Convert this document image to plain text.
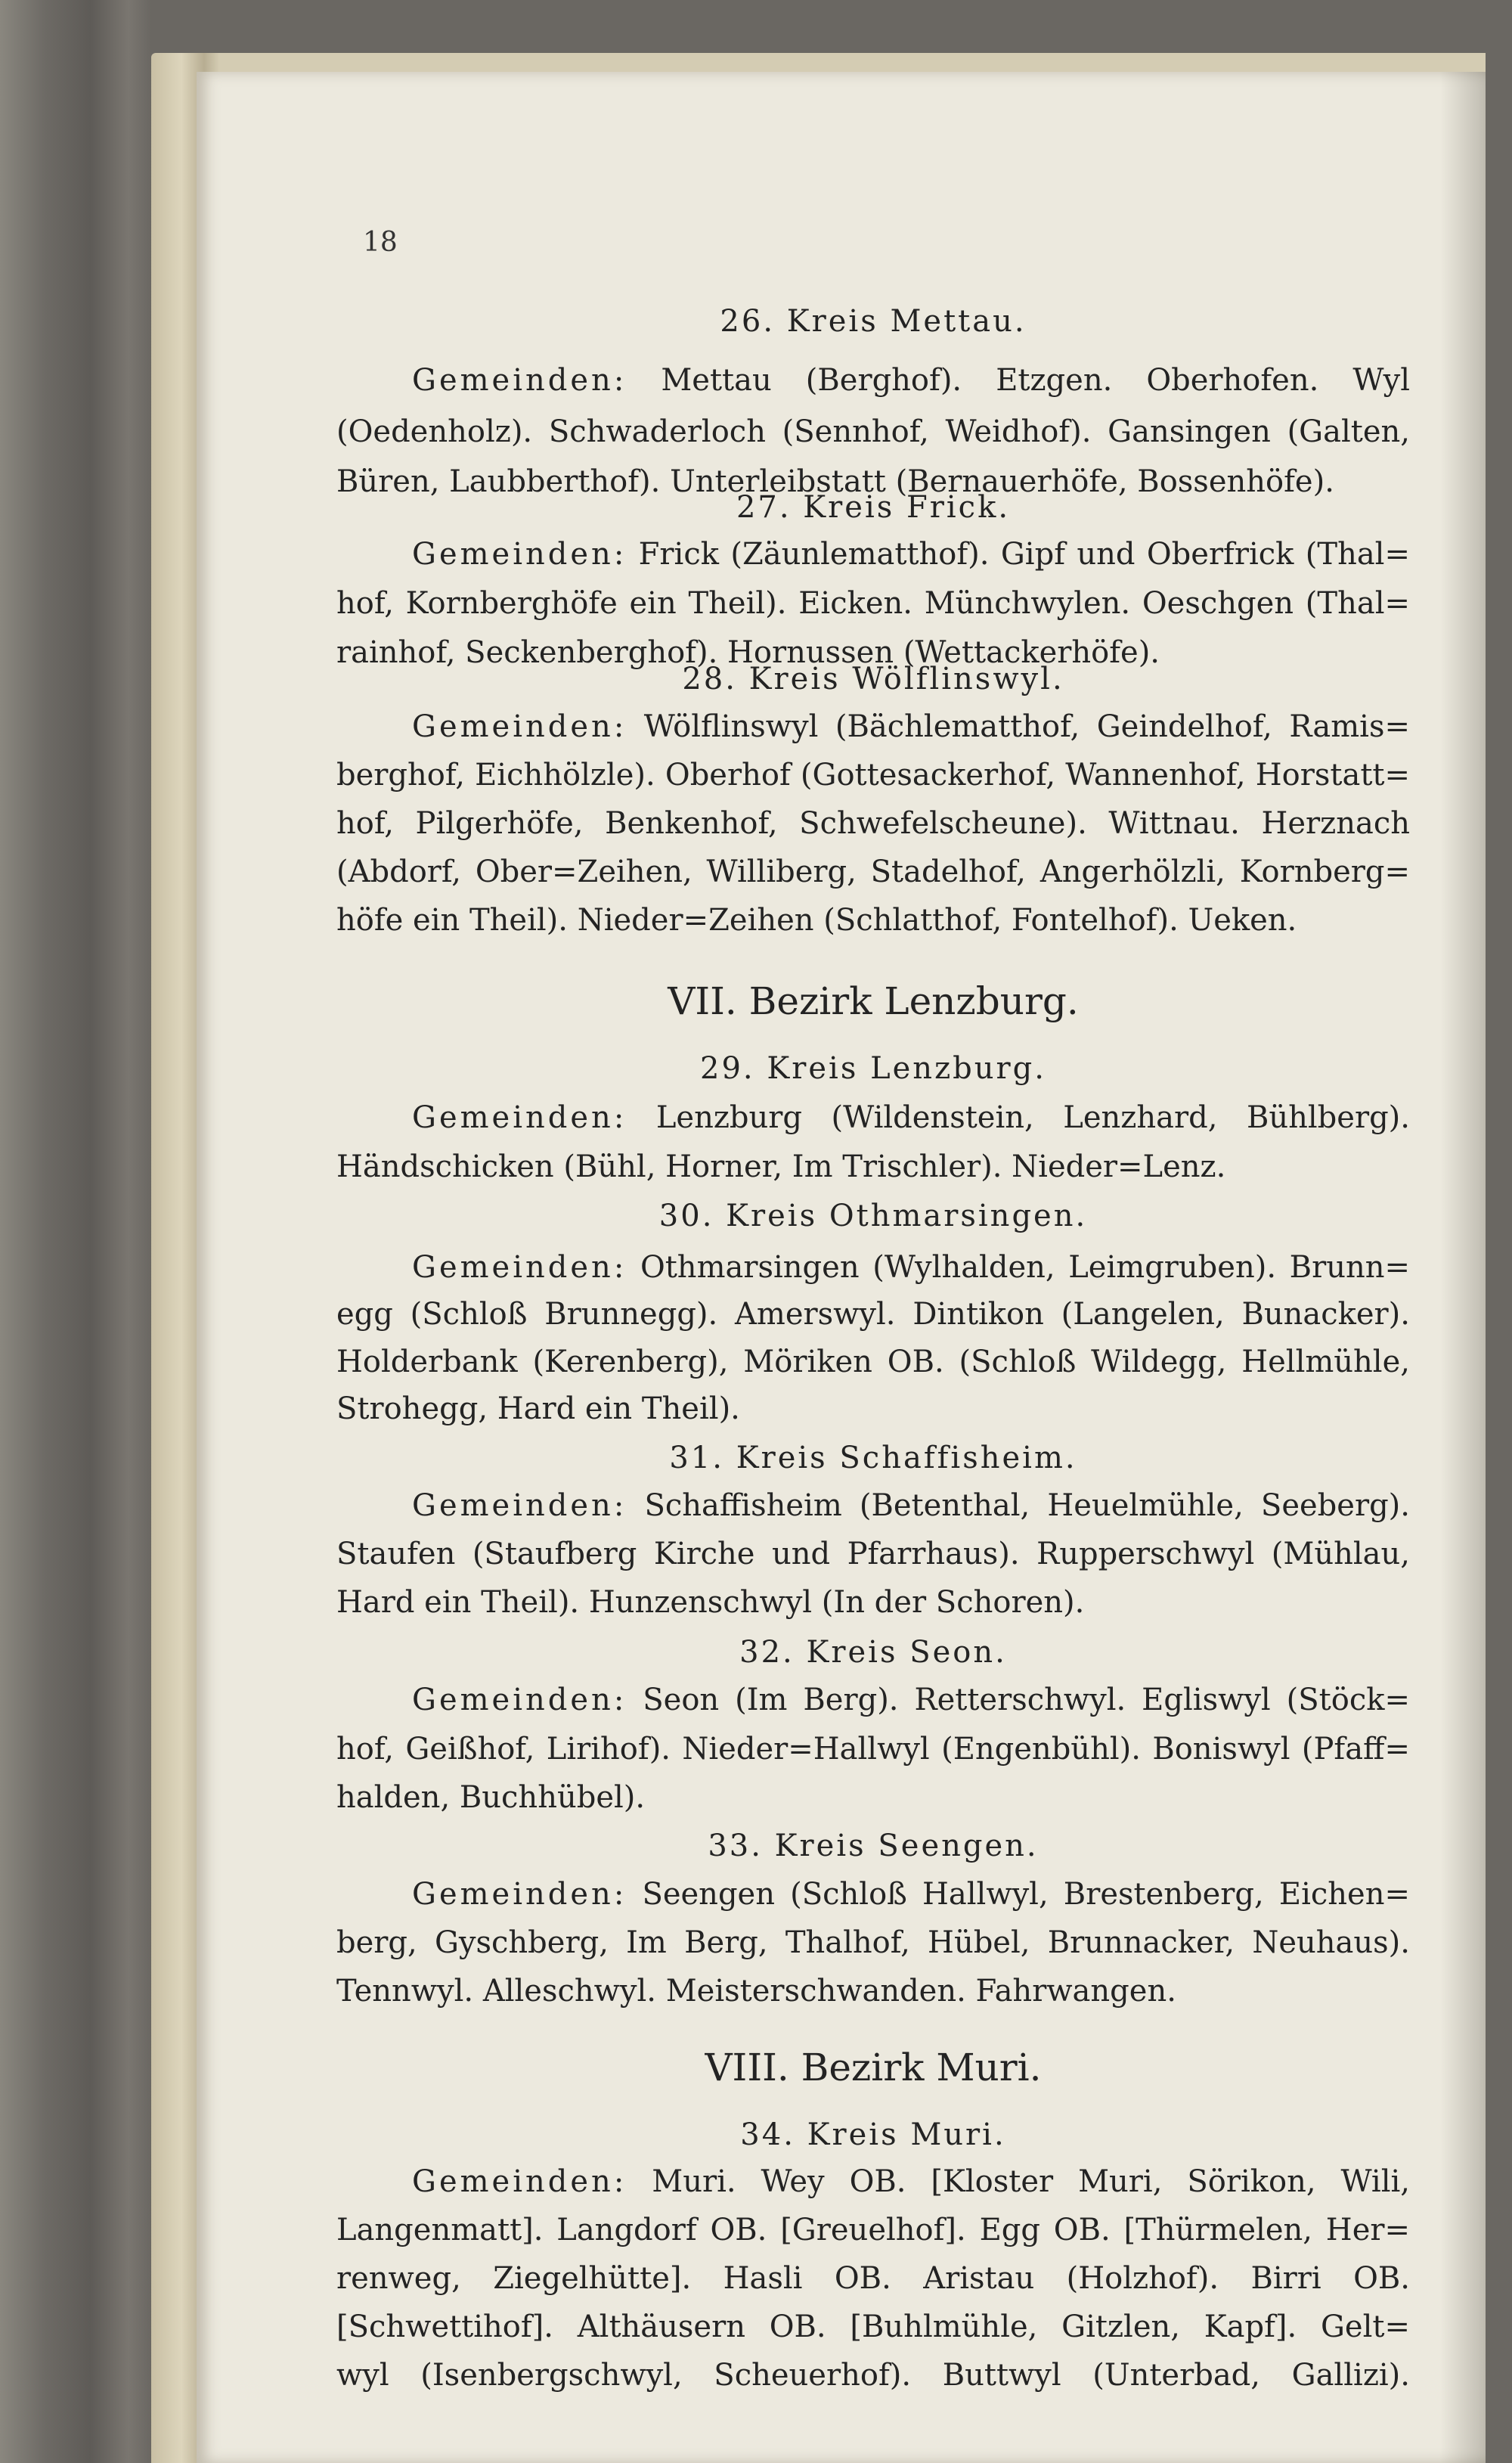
18
26. Kreis Mettau.
Gemeinden: Mettau (Berghof). Etzgen. Oberhofen. Wyl
(Oedenholz). Schwaderloch (Sennhof, Weidhof). Gansingen (Galten,
Büren, Laubberthof). Unterleibstatt (Bernauerhöfe, Bossenhöfe).
27. Kreis Frick.
Gemeinden: Frick (Zäunlematthof). Gipf und Oberfrick (Thal=
hof, Kornberghöfe ein Theil). Eicken. Münchwylen. Oeschgen (Thal=
rainhof, Seckenberghof). Hornussen (Wettackerhöfe).
28. Kreis Wölflinswyl.
Gemeinden: Wölflinswyl (Bächlematthof, Geindelhof, Ramis=
berghof, Eichhölzle). Oberhof (Gottesackerhof, Wannenhof, Horstatt=
hof, Pilgerhöfe, Benkenhof, Schwefelscheune). Wittnau. Herznach
(Abdorf, Ober=Zeihen, Williberg, Stadelhof, Angerhölzli, Kornberg=
höfe ein Theil). Nieder=Zeihen (Schlatthof, Fontelhof). Ueken.
VII. Bezirk Lenzburg.
29. Kreis Lenzburg.
Gemeinden: Lenzburg (Wildenstein, Lenzhard, Bühlberg).
Händschicken (Bühl, Horner, Im Trischler). Nieder=Lenz.
30. Kreis Othmarsingen.
Gemeinden: Othmarsingen (Wylhalden, Leimgruben). Brunn=
egg (Schloß Brunnegg). Amerswyl. Dintikon (Langelen, Bunacker).
Holderbank (Kerenberg), Möriken OB. (Schloß Wildegg, Hellmühle,
Strohegg, Hard ein Theil).
31. Kreis Schaffisheim.
Gemeinden: Schaffisheim (Betenthal, Heuelmühle, Seeberg).
Staufen (Staufberg Kirche und Pfarrhaus). Rupperschwyl (Mühlau,
Hard ein Theil). Hunzenschwyl (In der Schoren).
32. Kreis Seon.
Gemeinden: Seon (Im Berg). Retterschwyl. Egliswyl (Stöck=
hof, Geißhof, Lirihof). Nieder=Hallwyl (Engenbühl). Boniswyl (Pfaff=
halden, Buchhübel).
33. Kreis Seengen.
Gemeinden: Seengen (Schloß Hallwyl, Brestenberg, Eichen=
berg, Gyschberg, Im Berg, Thalhof, Hübel, Brunnacker, Neuhaus).
Tennwyl. Alleschwyl. Meisterschwanden. Fahrwangen.
VIII. Bezirk Muri.
34. Kreis Muri.
Gemeinden: Muri. Wey OB. [Kloster Muri, Sörikon, Wili,
Langenmatt]. Langdorf OB. [Greuelhof]. Egg OB. [Thürmelen, Her=
renweg, Ziegelhütte]. Hasli OB. Aristau (Holzhof). Birri OB.
[Schwettihof]. Althäusern OB. [Buhlmühle, Gitzlen, Kapf]. Gelt=
wyl (Isenbergschwyl, Scheuerhof). Buttwyl (Unterbad, Gallizi).
